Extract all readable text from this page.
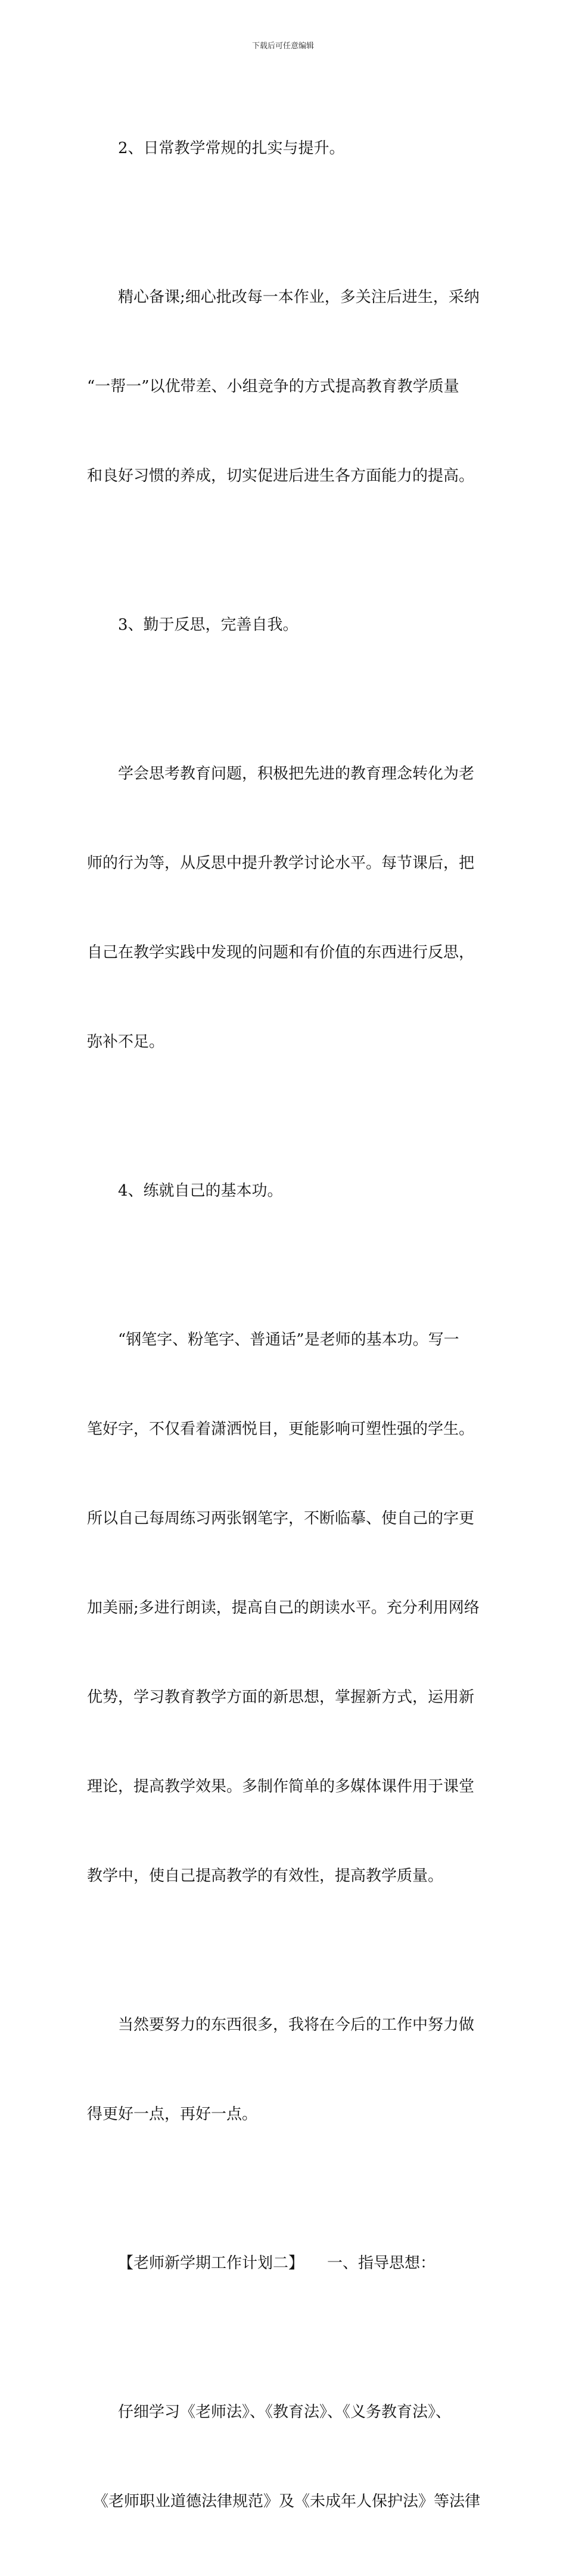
下载后可任意编辑

2、日常教学常规的扎实与提升。

精心备课;细心批改每一本作业，多关注后进生，采纳

“一帮一”以优带差、小组竞争的方式提高教育教学质量

和良好习惯的养成，切实促进后进生各方面能力的提高。

3、勤于反思，完善自我。

学会思考教育问题，积极把先进的教育理念转化为老

师的行为等，从反思中提升教学讨论水平。每节课后，把

自己在教学实践中发现的问题和有价值的东西进行反思，

弥补不足。

4、练就自己的基本功。

“钢笔字、粉笔字、普通话”是老师的基本功。写一

笔好字，不仅看着潇洒悦目，更能影响可塑性强的学生。

所以自己每周练习两张钢笔字，不断临摹、使自己的字更

加美丽;多进行朗读，提高自己的朗读水平。充分利用网络

优势，学习教育教学方面的新思想，掌握新方式，运用新

理论，提高教学效果。多制作简单的多媒体课件用于课堂

教学中，使自己提高教学的有效性，提高教学质量。

当然要努力的东西很多，我将在今后的工作中努力做

得更好一点，再好一点。

【老师新学期工作计划二】　　一、指导思想：

仔细学习《老师法》、《教育法》、《义务教育法》、

《老师职业道德法律规范》及《未成年人保护法》等法律
